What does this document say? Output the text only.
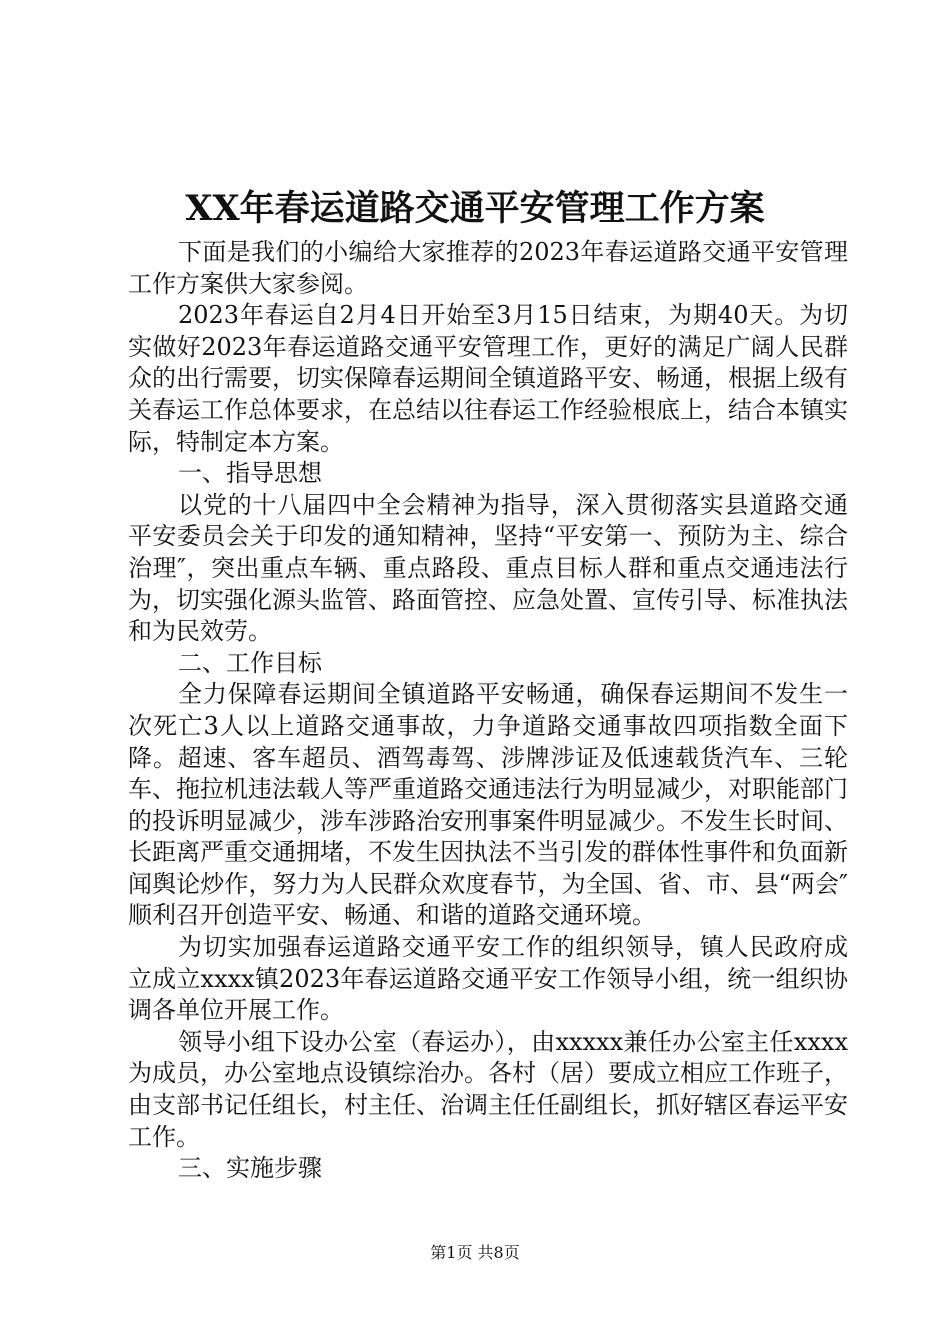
XX年春运道路交通平安管理工作方案

下面是我们的小编给大家推荐的2023年春运道路交通平安管理工作方案供大家参阅。

2023年春运自2月4日开始至3月15日结束，为期40天。为切实做好2023年春运道路交通平安管理工作，更好的满足广阔人民群众的出行需要，切实保障春运期间全镇道路平安、畅通，根据上级有关春运工作总体要求，在总结以往春运工作经验根底上，结合本镇实际，特制定本方案。

一、指导思想

以党的十八届四中全会精神为指导，深入贯彻落实县道路交通平安委员会关于印发的通知精神，坚持“平安第一、预防为主、综合治理″，突出重点车辆、重点路段、重点目标人群和重点交通违法行为，切实强化源头监管、路面管控、应急处置、宣传引导、标准执法和为民效劳。

二、工作目标

全力保障春运期间全镇道路平安畅通，确保春运期间不发生一次死亡3人以上道路交通事故，力争道路交通事故四项指数全面下降。超速、客车超员、酒驾毒驾、涉牌涉证及低速载货汽车、三轮车、拖拉机违法载人等严重道路交通违法行为明显减少，对职能部门的投诉明显减少，涉车涉路治安刑事案件明显减少。不发生长时间、长距离严重交通拥堵，不发生因执法不当引发的群体性事件和负面新闻舆论炒作，努力为人民群众欢度春节，为全国、省、市、县“两会″顺利召开创造平安、畅通、和谐的道路交通环境。

为切实加强春运道路交通平安工作的组织领导，镇人民政府成立成立xxxx镇2023年春运道路交通平安工作领导小组，统一组织协调各单位开展工作。

领导小组下设办公室（春运办），由xxxxx兼任办公室主任xxxx为成员，办公室地点设镇综治办。各村（居）要成立相应工作班子，由支部书记任组长，村主任、治调主任任副组长，抓好辖区春运平安工作。

三、实施步骤

第1页 共8页
